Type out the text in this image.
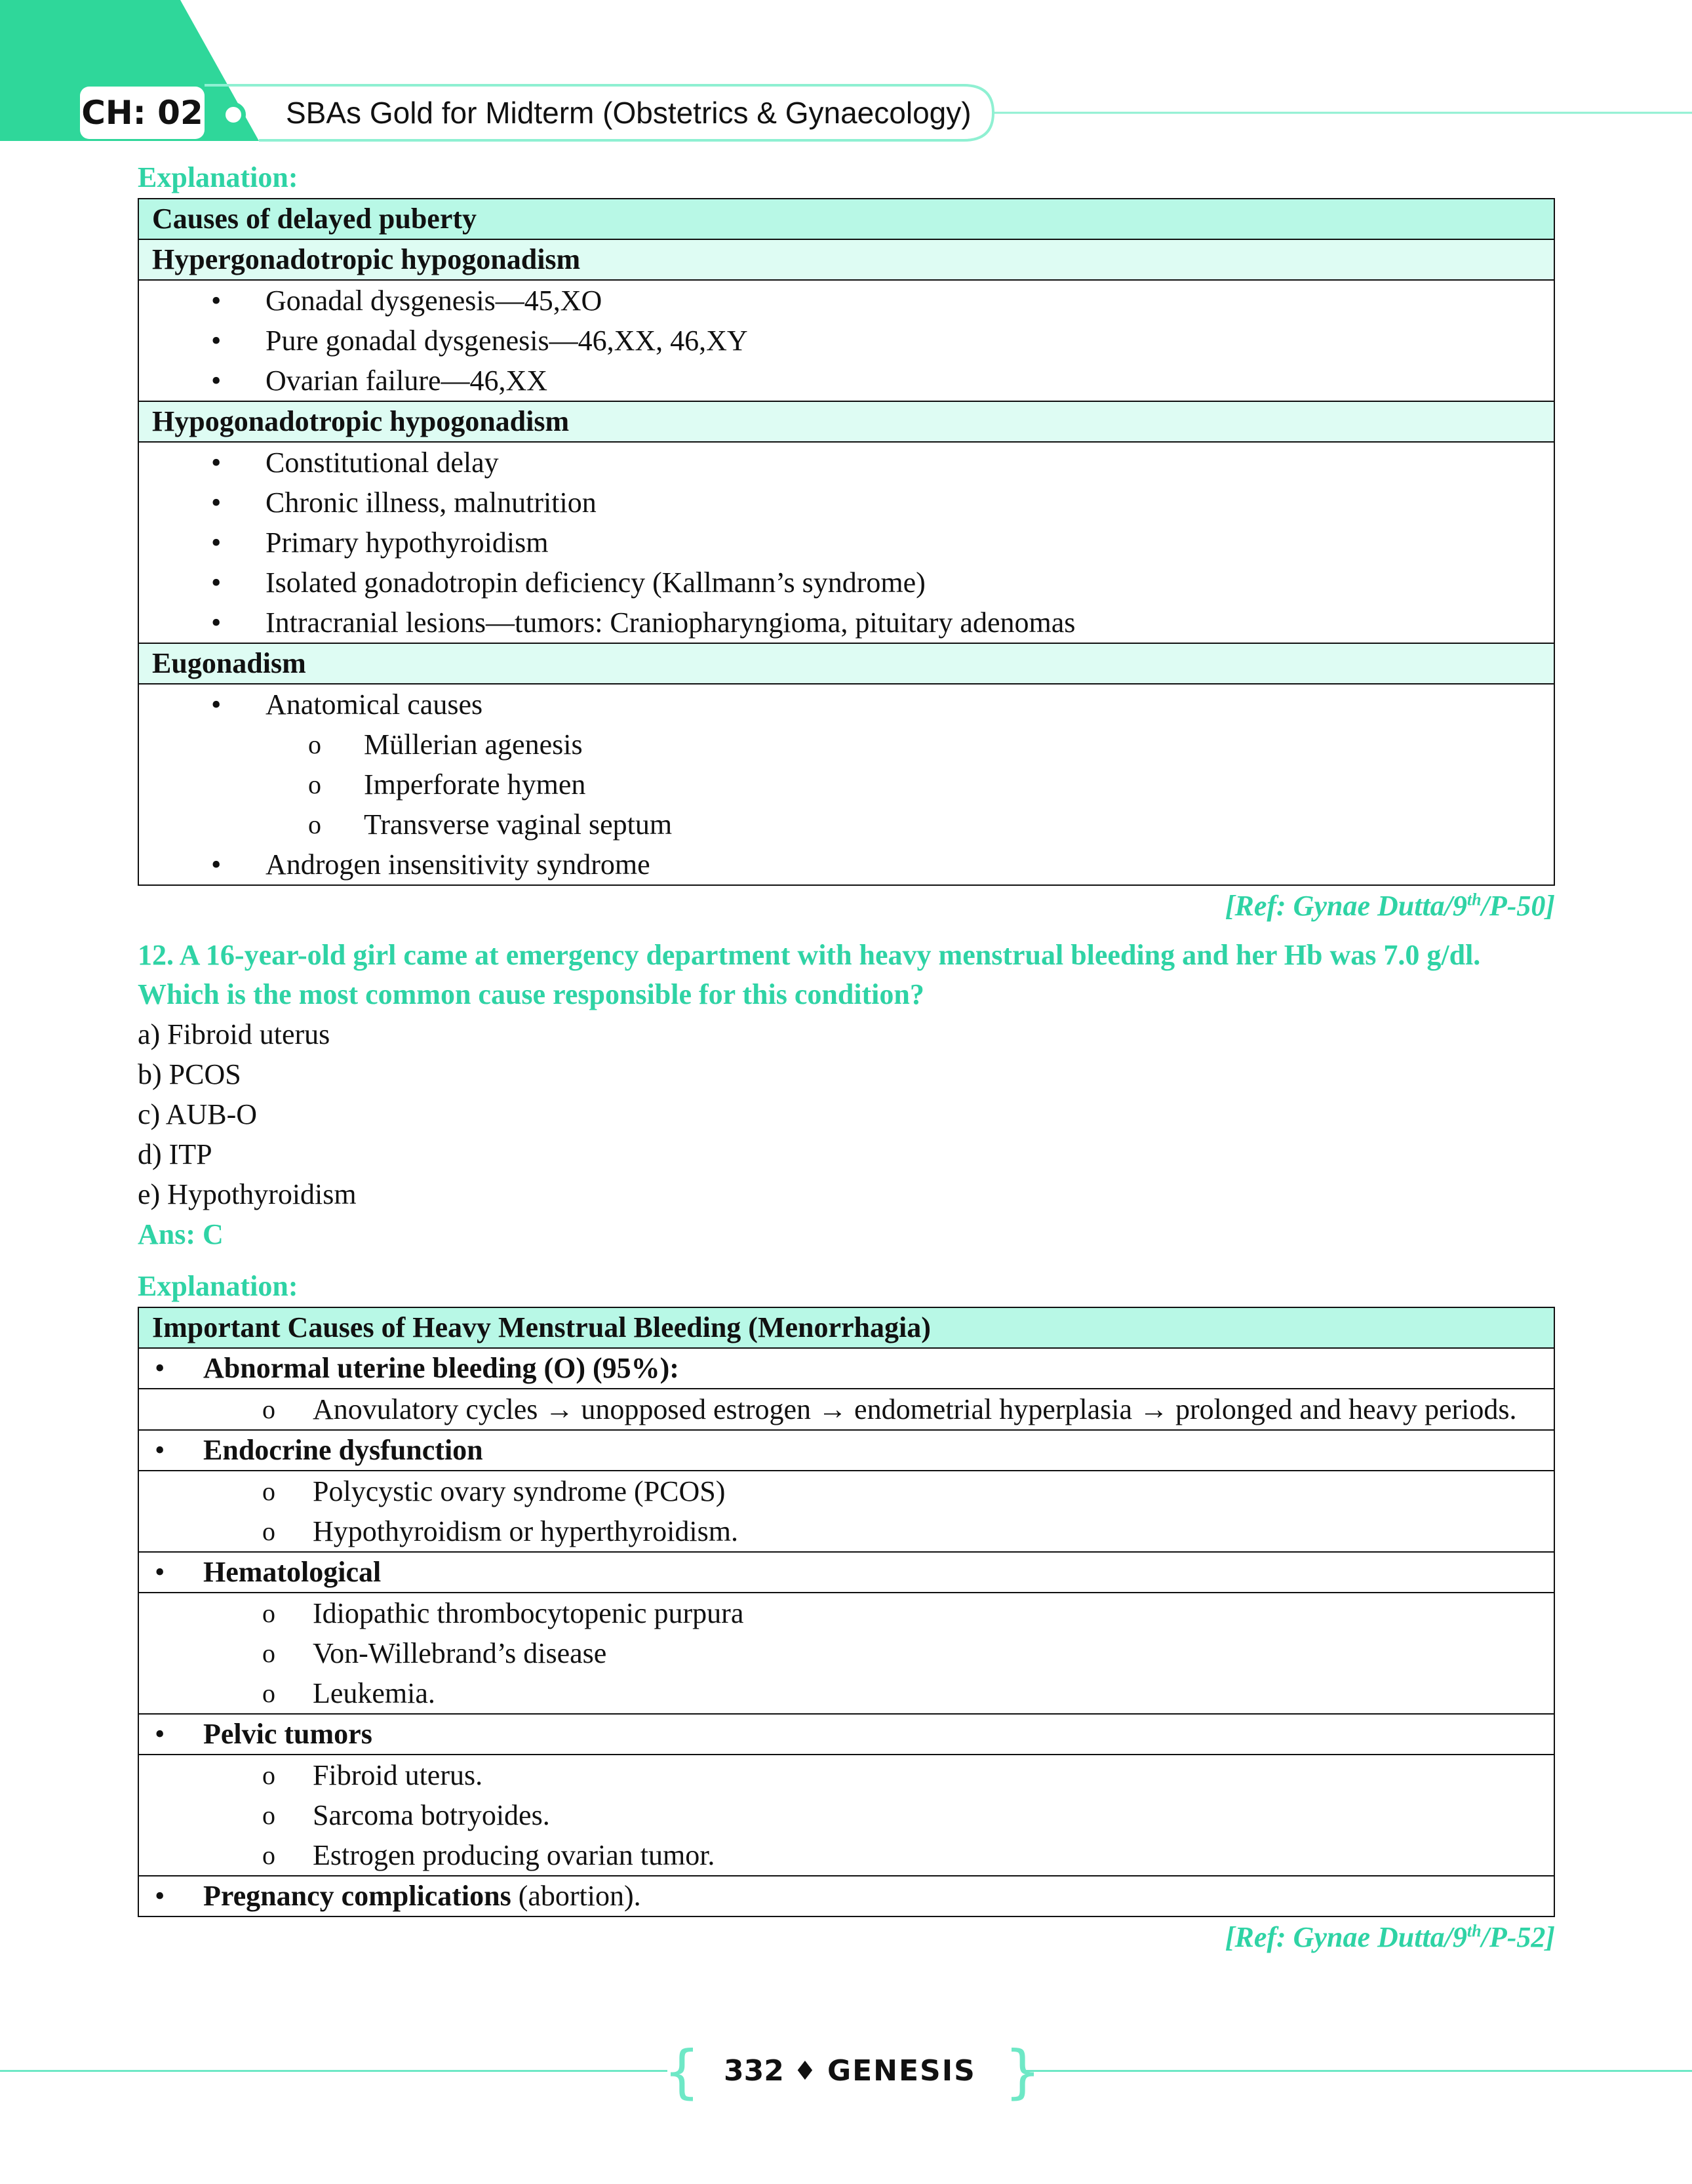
CH: 02	SBAs Gold for Midterm (Obstetrics & Gynaecology)
Explanation:
Causes of delayed puberty
Hypergonadotropic hypogonadism

• Gonadal dysgenesis—45,XO
• Pure gonadal dysgenesis—46,XX, 46,XY
• Ovarian failure—46,XX

Hypogonadotropic hypogonadism

• Constitutional delay
• Chronic illness, malnutrition
• Primary hypothyroidism
• Isolated gonadotropin deficiency (Kallmann’s syndrome)
• Intracranial lesions—tumors: Craniopharyngioma, pituitary adenomas

Eugonadism

• Anatomical causes
o Müllerian agenesis
o Imperforate hymen
o Transverse vaginal septum
• Androgen insensitivity syndrome
[Ref: Gynae Dutta/9th/P-50]
12. A 16-year-old girl came at emergency department with heavy menstrual bleeding and her Hb was 7.0 g/dl. Which is the most common cause responsible for this condition?
a) Fibroid uterus
b) PCOS
c) AUB-O
d) ITP
e) Hypothyroidism
Ans: C
Explanation:
Important Causes of Heavy Menstrual Bleeding (Menorrhagia)

• Abnormal uterine bleeding (O) (95%):

o Anovulatory cycles → unopposed estrogen → endometrial hyperplasia → prolonged and heavy periods.

• Endocrine dysfunction

o Polycystic ovary syndrome (PCOS)
o Hypothyroidism or hyperthyroidism.

• Hematological

o Idiopathic thrombocytopenic purpura
o Von-Willebrand’s disease
o Leukemia.

• Pelvic tumors

o Fibroid uterus.
o Sarcoma botryoides.
o Estrogen producing ovarian tumor.

• Pregnancy complications (abortion).
[Ref: Gynae Dutta/9th/P-52]
{	}
332 ♦ GENESIS
